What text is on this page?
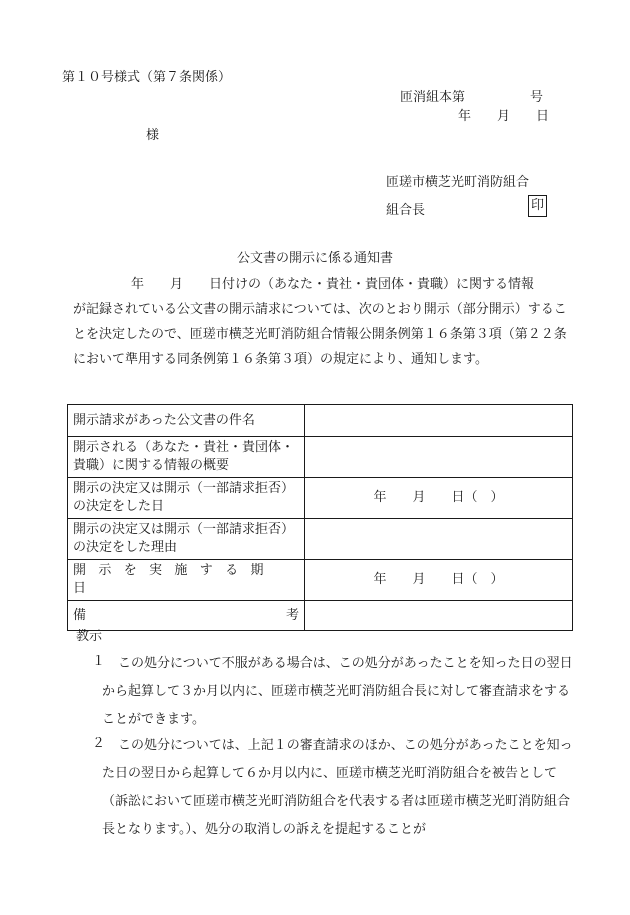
第１０号様式（第７条関係）
匝消組本第　　　　　号
年　　月　　日
様
匝瑳市横芝光町消防組合
組合長	印
公文書の開示に係る通知書
年　　月　　日付けの（あなた・貴社・貴団体・貴職）に関する情報
が記録されている公文書の開示請求については、次のとおり開示（部分開示）することを決定したので、匝瑳市横芝光町消防組合情報公開条例第１６条第３項（第２２条において準用する同条例第１６条第３項）の規定により、通知します。
開示請求があった公文書の件名	
開示される（あなた・貴社・貴団体・貴職）に関する情報の概要	
開示の決定又は開示（一部請求拒否）の決定をした日	年　　月　　日（　）
開示の決定又は開示（一部請求拒否）の決定をした理由	
開示を実施する期日	年　　月　　日（　）

備 考	

教示
１ この処分について不服がある場合は、この処分があったことを知った日の翌日から起算して３か月以内に、匝瑳市横芝光町消防組合長に対して審査請求をすることができます。
２ この処分については、上記１の審査請求のほか、この処分があったことを知った日の翌日から起算して６か月以内に、匝瑳市横芝光町消防組合を被告として（訴訟において匝瑳市横芝光町消防組合を代表する者は匝瑳市横芝光町消防組合長となります。）、処分の取消しの訴えを提起することが
